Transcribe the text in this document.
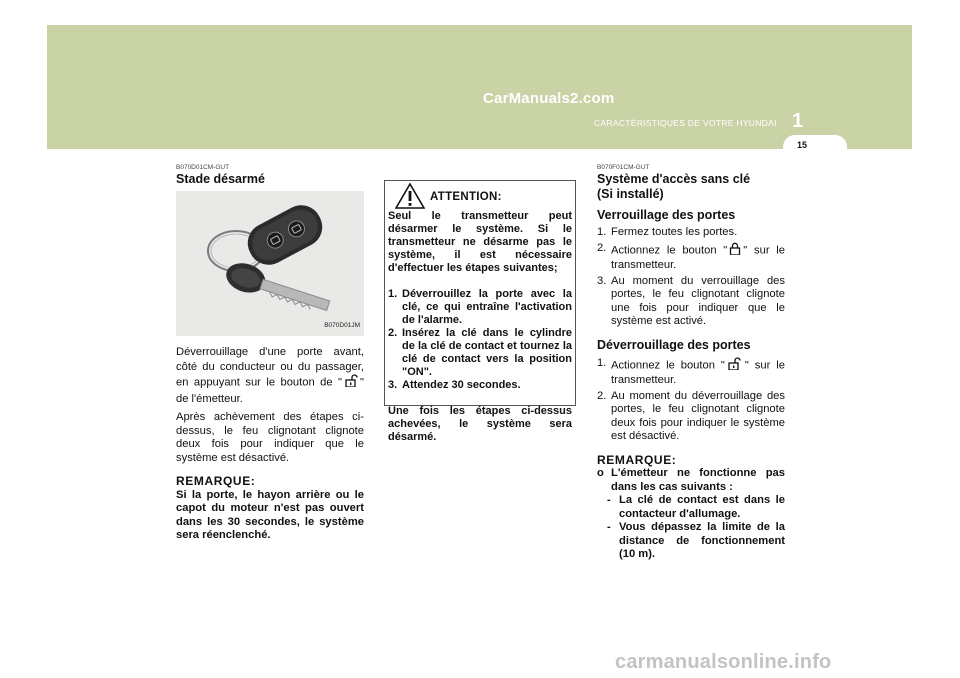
CarManuals2.com
CARACTÉRISTIQUES DE VOTRE HYUNDAI 1
15
B070D01CM-GUT
Stade désarmé
B070D01JM

Déverrouillage d'une porte avant, côté du conducteur ou du passager, en appuyant sur le bouton de " " de l'émetteur.

Après achèvement des étapes ci-dessus, le feu clignotant clignote deux fois pour indiquer que le système est désactivé.

REMARQUE:

Si la porte, le hayon arrière ou le capot du moteur n'est pas ouvert dans les 30 secondes, le système sera réenclenché.

ATTENTION:

Seul le transmetteur peut désarmer le système. Si le transmetteur ne désarme pas le système, il est nécessaire d'effectuer les étapes suivantes;

1. Déverrouillez la porte avec la clé, ce qui entraîne l'activation de l'alarme.
2. Insérez la clé dans le cylindre de la clé de contact et tournez la clé de contact vers la position "ON".
3. Attendez 30 secondes.

Une fois les étapes ci-dessus achevées, le système sera désarmé.

B070F01CM-GUT
Système d'accès sans clé (Si installé)
Verrouillage des portes
1. Fermez toutes les portes.
2. Actionnez le bouton " " sur le transmetteur.
3. Au moment du verrouillage des portes, le feu clignotant clignote une fois pour indiquer que le système est activé.
Déverrouillage des portes
1. Actionnez le bouton " " sur le transmetteur.
2. Au moment du déverrouillage des portes, le feu clignotant clignote deux fois pour indiquer le système est désactivé.
REMARQUE:
o L'émetteur ne fonctionne pas dans les cas suivants :
- La clé de contact est dans le contacteur d'allumage.
- Vous dépassez la limite de la distance de fonctionnement (10 m).
carmanualsonline.info
